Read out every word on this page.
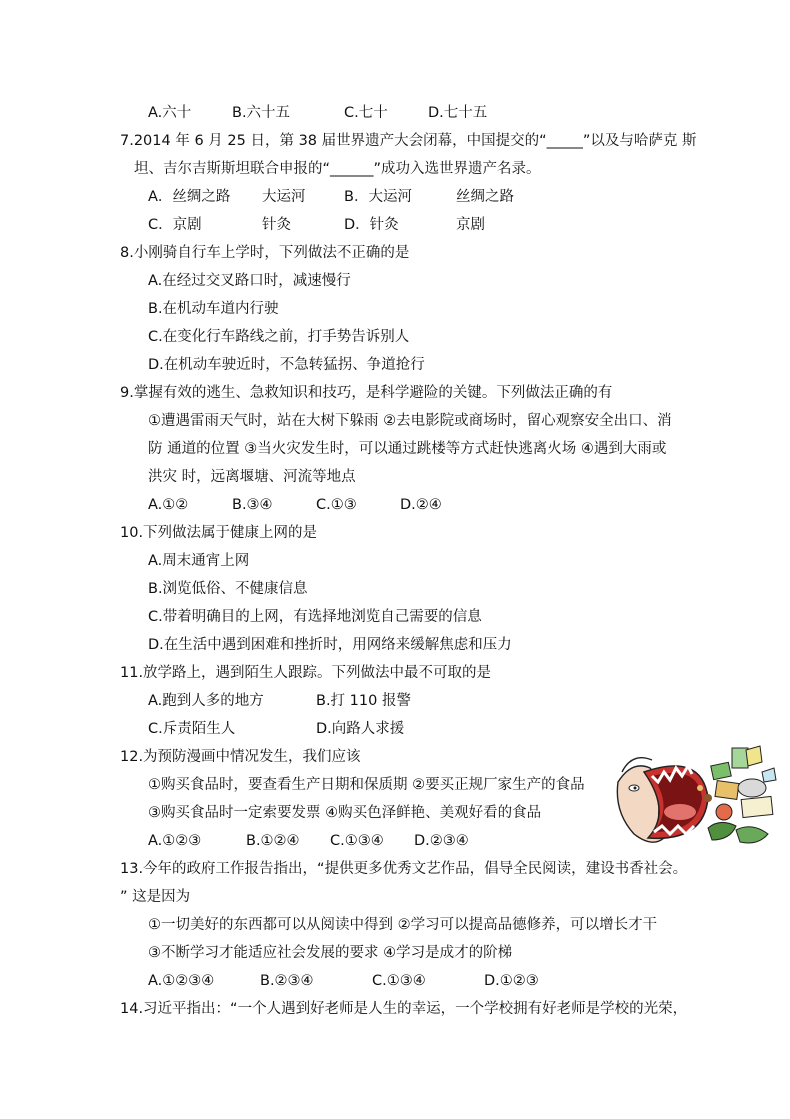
A.六十	B.六十五	C.七十	D.七十五
7.2014 年 6 月 25 日，第 38 届世界遗产大会闭幕，中国提交的“_____”以及与哈萨克 斯
坦、吉尔吉斯斯坦联合申报的“______”成功入选世界遗产名录。
A．丝绸之路 大运河	B．大运河	丝绸之路
C．京剧	针灸	D．针灸	京剧
8.小刚骑自行车上学时，下列做法不正确的是
A.在经过交叉路口时，减速慢行
B.在机动车道内行驶
C.在变化行车路线之前，打手势告诉别人
D.在机动车驶近时，不急转猛拐、争道抢行
9.掌握有效的逃生、急救知识和技巧，是科学避险的关键。下列做法正确的有
①遭遇雷雨天气时，站在大树下躲雨 ②去电影院或商场时，留心观察安全出口、消
防 通道的位置 ③当火灾发生时，可以通过跳楼等方式赶快逃离火场 ④遇到大雨或
洪灾 时，远离堰塘、河流等地点
A.①②	B.③④	C.①③	D.②④
10.下列做法属于健康上网的是
A.周末通宵上网
B.浏览低俗、不健康信息
C.带着明确目的上网，有选择地浏览自己需要的信息
D.在生活中遇到困难和挫折时，用网络来缓解焦虑和压力
11.放学路上，遇到陌生人跟踪。下列做法中最不可取的是
A.跑到人多的地方	B.打 110 报警
C.斥责陌生人	D.向路人求援
12.为预防漫画中情况发生，我们应该
①购买食品时，要查看生产日期和保质期 ②要买正规厂家生产的食品
③购买食品时一定索要发票 ④购买色泽鲜艳、美观好看的食品
A.①②③	B.①②④ C.①③④ D.②③④
13.今年的政府工作报告指出，“提供更多优秀文艺作品，倡导全民阅读，建设书香社会。
” 这是因为
①一切美好的东西都可以从阅读中得到 ②学习可以提高品德修养，可以增长才干
③不断学习才能适应社会发展的要求 ④学习是成才的阶梯
A.①②③④	B.②③④	C.①③④	D.①②③
14.习近平指出：“一个人遇到好老师是人生的幸运，一个学校拥有好老师是学校的光荣，
